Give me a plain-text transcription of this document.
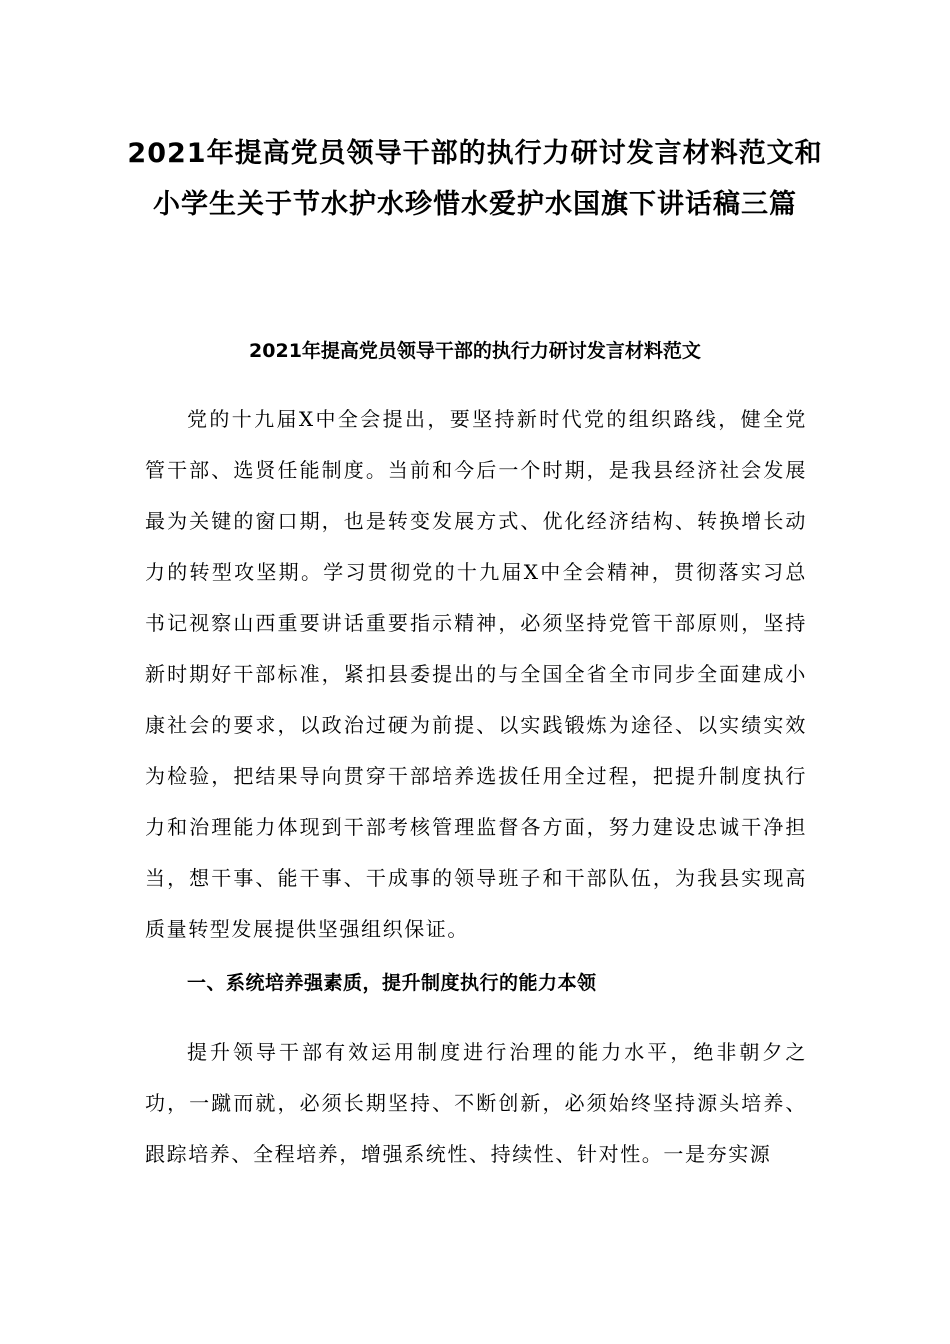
2021年提高党员领导干部的执行力研讨发言材料范文和小学生关于节水护水珍惜水爱护水国旗下讲话稿三篇
2021年提高党员领导干部的执行力研讨发言材料范文

党的十九届X中全会提出，要坚持新时代党的组织路线，健全党管干部、选贤任能制度。当前和今后一个时期，是我县经济社会发展最为关键的窗口期，也是转变发展方式、优化经济结构、转换增长动力的转型攻坚期。学习贯彻党的十九届X中全会精神，贯彻落实习总书记视察山西重要讲话重要指示精神，必须坚持党管干部原则，坚持新时期好干部标准，紧扣县委提出的与全国全省全市同步全面建成小康社会的要求，以政治过硬为前提、以实践锻炼为途径、以实绩实效为检验，把结果导向贯穿干部培养选拔任用全过程，把提升制度执行力和治理能力体现到干部考核管理监督各方面，努力建设忠诚干净担当，想干事、能干事、干成事的领导班子和干部队伍，为我县实现高质量转型发展提供坚强组织保证。

一、系统培养强素质，提升制度执行的能力本领

提升领导干部有效运用制度进行治理的能力水平，绝非朝夕之功，一蹴而就，必须长期坚持、不断创新，必须始终坚持源头培养、跟踪培养、全程培养，增强系统性、持续性、针对性。一是夯实源
